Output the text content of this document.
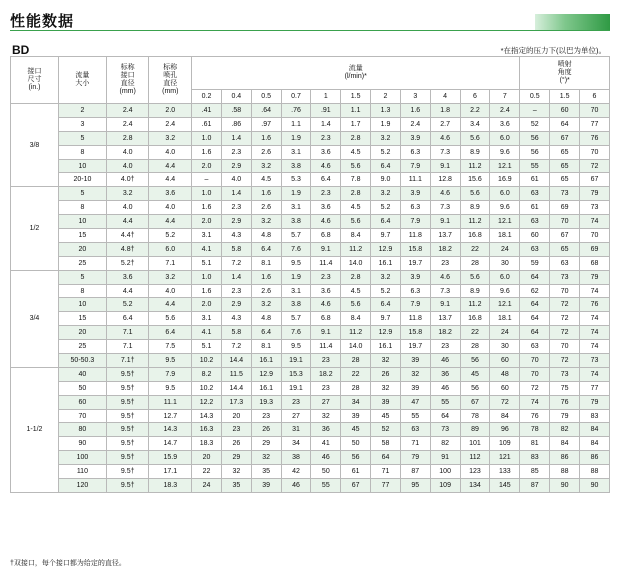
性能数据
BD	*在指定的压力下(以巴为单位)。
接口
尺寸
(in.)	流量
大小	标称
接口
直径
(mm)	标称
喷孔
直径
(mm)	流量
(l/min)*											喷射
角度
(°)*		
				0.2	0.4	0.5	0.7	1	1.5	2	3	4	6	7	0.5	1.5	6
3/8	2	2.4	2.0	.41	.58	.64	.76	.91	1.1	1.3	1.6	1.8	2.2	2.4	–	60	70
	3	2.4	2.4	.61	.86	.97	1.1	1.4	1.7	1.9	2.4	2.7	3.4	3.6	52	64	77
	5	2.8	3.2	1.0	1.4	1.6	1.9	2.3	2.8	3.2	3.9	4.6	5.6	6.0	56	67	76
	8	4.0	4.0	1.6	2.3	2.6	3.1	3.6	4.5	5.2	6.3	7.3	8.9	9.6	56	65	70
	10	4.0	4.4	2.0	2.9	3.2	3.8	4.6	5.6	6.4	7.9	9.1	11.2	12.1	55	65	72
	20-10	4.0†	4.4	–	4.0	4.5	5.3	6.4	7.8	9.0	11.1	12.8	15.6	16.9	61	65	67
1/2	5	3.2	3.6	1.0	1.4	1.6	1.9	2.3	2.8	3.2	3.9	4.6	5.6	6.0	63	73	79
	8	4.0	4.0	1.6	2.3	2.6	3.1	3.6	4.5	5.2	6.3	7.3	8.9	9.6	61	69	73
	10	4.4	4.4	2.0	2.9	3.2	3.8	4.6	5.6	6.4	7.9	9.1	11.2	12.1	63	70	74
	15	4.4†	5.2	3.1	4.3	4.8	5.7	6.8	8.4	9.7	11.8	13.7	16.8	18.1	60	67	70
	20	4.8†	6.0	4.1	5.8	6.4	7.6	9.1	11.2	12.9	15.8	18.2	22	24	63	65	69
	25	5.2†	7.1	5.1	7.2	8.1	9.5	11.4	14.0	16.1	19.7	23	28	30	59	63	68
3/4	5	3.6	3.2	1.0	1.4	1.6	1.9	2.3	2.8	3.2	3.9	4.6	5.6	6.0	64	73	79
	8	4.4	4.0	1.6	2.3	2.6	3.1	3.6	4.5	5.2	6.3	7.3	8.9	9.6	62	70	74
	10	5.2	4.4	2.0	2.9	3.2	3.8	4.6	5.6	6.4	7.9	9.1	11.2	12.1	64	72	76
	15	6.4	5.6	3.1	4.3	4.8	5.7	6.8	8.4	9.7	11.8	13.7	16.8	18.1	64	72	74
	20	7.1	6.4	4.1	5.8	6.4	7.6	9.1	11.2	12.9	15.8	18.2	22	24	64	72	74
	25	7.1	7.5	5.1	7.2	8.1	9.5	11.4	14.0	16.1	19.7	23	28	30	63	70	74
	50-50.3	7.1†	9.5	10.2	14.4	16.1	19.1	23	28	32	39	46	56	60	70	72	73
1-1/2	40	9.5†	7.9	8.2	11.5	12.9	15.3	18.2	22	26	32	36	45	48	70	73	74
	50	9.5†	9.5	10.2	14.4	16.1	19.1	23	28	32	39	46	56	60	72	75	77
	60	9.5†	11.1	12.2	17.3	19.3	23	27	34	39	47	55	67	72	74	76	79
	70	9.5†	12.7	14.3	20	23	27	32	39	45	55	64	78	84	76	79	83
	80	9.5†	14.3	16.3	23	26	31	36	45	52	63	73	89	96	78	82	84
	90	9.5†	14.7	18.3	26	29	34	41	50	58	71	82	101	109	81	84	84
	100	9.5†	15.9	20	29	32	38	46	56	64	79	91	112	121	83	86	86
	110	9.5†	17.1	22	32	35	42	50	61	71	87	100	123	133	85	88	88
	120	9.5†	18.3	24	35	39	46	55	67	77	95	109	134	145	87	90	90
†双接口，每个接口都为给定的直径。
